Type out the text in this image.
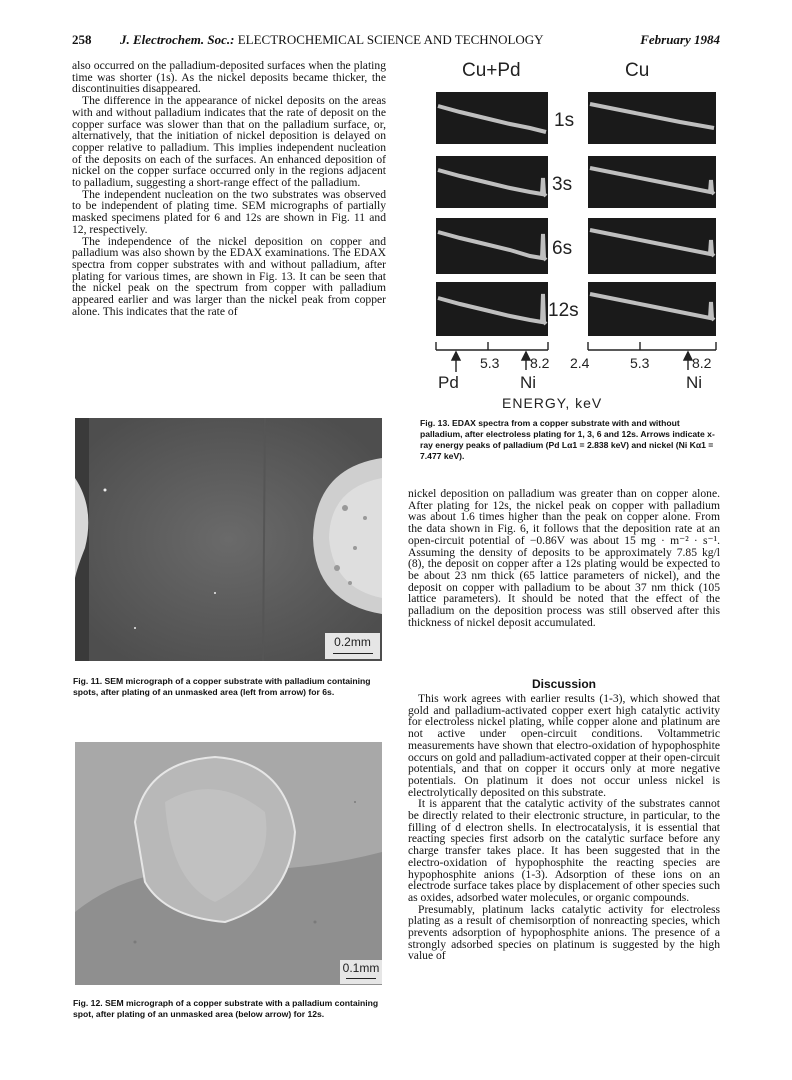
258 J. Electrochem. Soc.: ELECTROCHEMICAL SCIENCE AND TECHNOLOGY	February 1984

also occurred on the palladium-deposited surfaces when the plating time was shorter (1s). As the nickel deposits became thicker, the discontinuities disappeared.

The difference in the appearance of nickel deposits on the areas with and without palladium indicates that the rate of deposit on the copper surface was slower than that on the palladium surface, or, alternatively, that the initiation of nickel deposition is delayed on copper relative to palladium. This implies independent nucleation of the deposits on each of the surfaces. An enhanced deposition of nickel on the copper surface occurred only in the regions adjacent to palladium, suggesting a short-range effect of the palladium.

The independent nucleation on the two substrates was observed to be independent of plating time. SEM micrographs of partially masked specimens plated for 6 and 12s are shown in Fig. 11 and 12, respectively.

The independence of the nickel deposition on copper and palladium was also shown by the EDAX examinations. The EDAX spectra from copper substrates with and without palladium, after plating for various times, are shown in Fig. 13. It can be seen that the nickel peak on the spectrum from copper with palladium appeared earlier and was larger than the nickel peak from copper alone. This indicates that the rate of

Cu+Pd	Cu
1s
3s
6s
12s
5.3 8.2 2.4	5.3	8.2
Pd	Ni	Ni
ENERGY, keV
Fig. 13. EDAX spectra from a copper substrate with and without palladium, after electroless plating for 1, 3, 6 and 12s. Arrows indicate x-ray energy peaks of palladium (Pd Lα1 = 2.838 keV) and nickel (Ni Kα1 = 7.477 keV).
0.2mm
Fig. 11. SEM micrograph of a copper substrate with palladium containing spots, after plating of an unmasked area (left from arrow) for 6s.
0.1mm
Fig. 12. SEM micrograph of a copper substrate with a palladium containing spot, after plating of an unmasked area (below arrow) for 12s.

nickel deposition on palladium was greater than on copper alone. After plating for 12s, the nickel peak on copper with palladium was about 1.6 times higher than the peak on copper alone. From the data shown in Fig. 6, it follows that the deposition rate at an open-circuit potential of −0.86V was about 15 mg · m⁻² · s⁻¹. Assuming the density of deposits to be approximately 7.85 kg/l (8), the deposit on copper after a 12s plating would be expected to be about 23 nm thick (65 lattice parameters of nickel), and the deposit on copper with palladium to be about 37 nm thick (105 lattice parameters). It should be noted that the effect of the palladium on the deposition process was still observed after this thickness of nickel deposit accumulated.

Discussion

This work agrees with earlier results (1-3), which showed that gold and palladium-activated copper exert high catalytic activity for electroless nickel plating, while copper alone and platinum are not active under open-circuit conditions. Voltammetric measurements have shown that electro-oxidation of hypophosphite occurs on gold and palladium-activated copper at their open-circuit potentials, and that on copper it occurs only at more negative potentials. On platinum it does not occur unless nickel is electrolytically deposited on this substrate.

It is apparent that the catalytic activity of the substrates cannot be directly related to their electronic structure, in particular, to the filling of d electron shells. In electrocatalysis, it is essential that reacting species first adsorb on the catalytic surface before any charge transfer takes place. It has been suggested that in the electro-oxidation of hypophosphite the reacting species are hypophosphite anions (1-3). Adsorption of these ions on an electrode surface takes place by displacement of other species such as oxides, adsorbed water molecules, or organic compounds.

Presumably, platinum lacks catalytic activity for electroless plating as a result of chemisorption of nonreacting species, which prevents adsorption of hypophosphite anions. The presence of a strongly adsorbed species on platinum is suggested by the high value of
